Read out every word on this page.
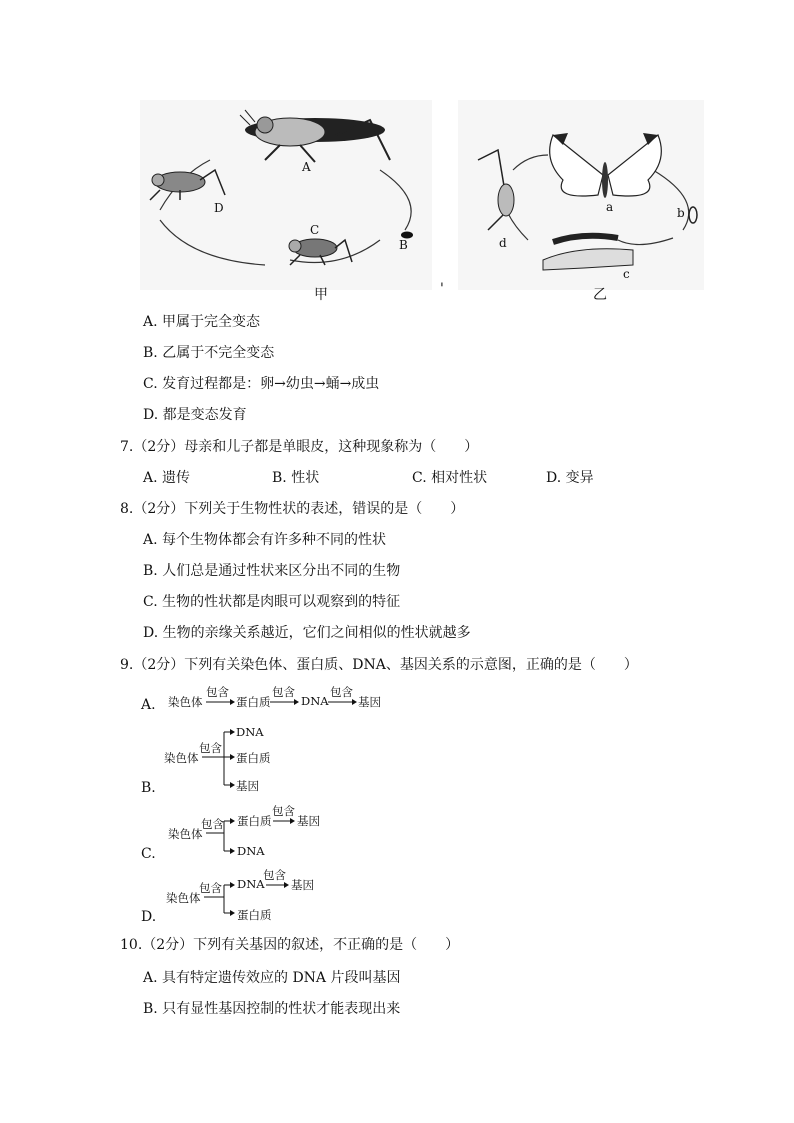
A
B
C
D	a	b
c
d
甲	乙
'
A. 甲属于完全变态
B. 乙属于不完全变态
C. 发育过程都是：卵→幼虫→蛹→成虫
D. 都是变态发育
7.（2分）母亲和儿子都是单眼皮，这种现象称为（　　）
A. 遗传	B. 性状	C. 相对性状	D. 变异
8.（2分）下列关于生物性状的表述，错误的是（　　）
A. 每个生物体都会有许多种不同的性状
B. 人们总是通过性状来区分出不同的生物
C. 生物的性状都是肉眼可以观察到的特征
D. 生物的亲缘关系越近，它们之间相似的性状就越多
9.（2分）下列有关染色体、蛋白质、DNA、基因关系的示意图，正确的是（　　）
A. 染色体
包含
蛋白质
包含
DNA
包含
基因
B.
染色体
包含
DNA
蛋白质
基因
C.
染色体
包含 蛋白质
包含
基因
DNA
D.
染色体
包含 DNA
包含
基因
蛋白质
10.（2分）下列有关基因的叙述，不正确的是（　　）
A. 具有特定遗传效应的 DNA 片段叫基因
B. 只有显性基因控制的性状才能表现出来
